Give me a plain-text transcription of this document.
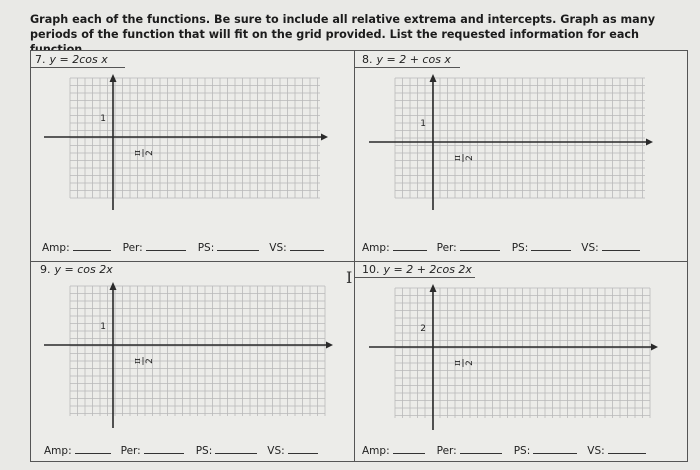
Graph each of the functions. Be sure to include all relative extrema and intercepts. Graph as many periods of the function that will fit on the grid provided. List the requested information for each
7. y = 2cos x
1
π 2
Amp:	Per:	PS:	VS:
8. y = 2 + cos x
1
π 2
Amp:	Per:	PS:	VS:
9. y = cos 2x
1
π 2
Amp:	Per:	PS:	VS:
10. y = 2 + 2cos 2x
2
π 2
Amp:	Per:	PS:	VS:
I
